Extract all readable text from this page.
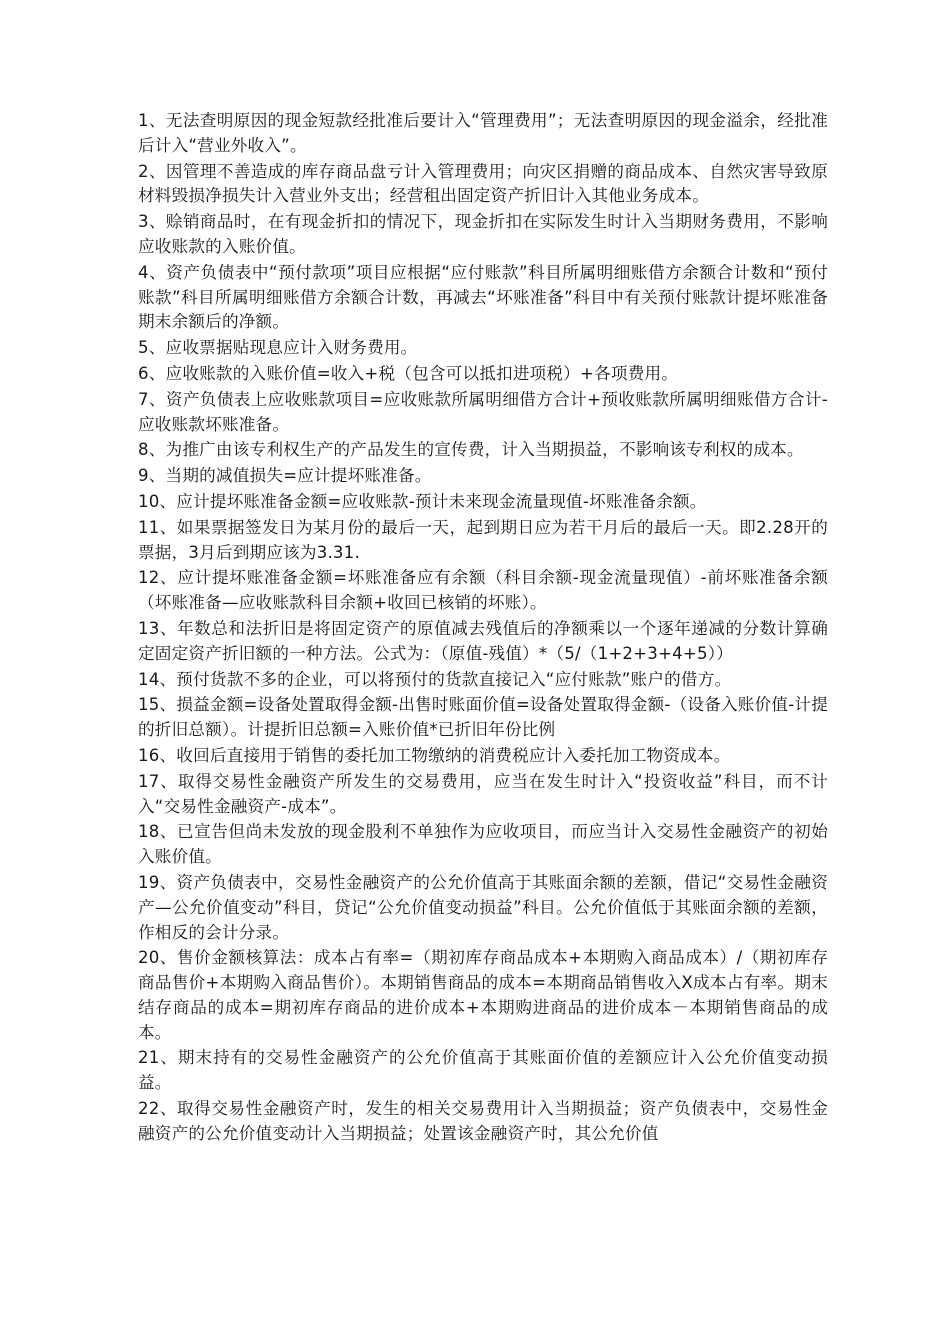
1、无法查明原因的现金短款经批准后要计入“管理费用”；无法查明原因的现金溢余，经批准后计入“营业外收入”。

2、因管理不善造成的库存商品盘亏计入管理费用；向灾区捐赠的商品成本、自然灾害导致原材料毁损净损失计入营业外支出；经营租出固定资产折旧计入其他业务成本。

3、赊销商品时，在有现金折扣的情况下，现金折扣在实际发生时计入当期财务费用，不影响应收账款的入账价值。

4、资产负债表中“预付款项”项目应根据“应付账款”科目所属明细账借方余额合计数和“预付账款”科目所属明细账借方余额合计数，再减去“坏账准备”科目中有关预付账款计提坏账准备期末余额后的净额。

5、应收票据贴现息应计入财务费用。

6、应收账款的入账价值=收入+税（包含可以抵扣进项税）+各项费用。

7、资产负债表上应收账款项目=应收账款所属明细借方合计+预收账款所属明细账借方合计-应收账款坏账准备。

8、为推广由该专利权生产的产品发生的宣传费，计入当期损益，不影响该专利权的成本。

9、当期的减值损失=应计提坏账准备。

10、应计提坏账准备金额=应收账款-预计未来现金流量现值-坏账准备余额。

11、如果票据签发日为某月份的最后一天，起到期日应为若干月后的最后一天。即2.28开的票据，3月后到期应该为3.31.

12、应计提坏账准备金额=坏账准备应有余额（科目余额-现金流量现值）-前坏账准备余额（坏账准备—应收账款科目余额+收回已核销的坏账）。

13、年数总和法折旧是将固定资产的原值减去残值后的净额乘以一个逐年递减的分数计算确定固定资产折旧额的一种方法。公式为：（原值-残值）*（5/（1+2+3+4+5））

14、预付货款不多的企业，可以将预付的货款直接记入“应付账款”账户的借方。

15、损益金额=设备处置取得金额-出售时账面价值=设备处置取得金额-（设备入账价值-计提的折旧总额）。计提折旧总额=入账价值*已折旧年份比例

16、收回后直接用于销售的委托加工物缴纳的消费税应计入委托加工物资成本。

17、取得交易性金融资产所发生的交易费用，应当在发生时计入“投资收益”科目，而不计入“交易性金融资产-成本”。

18、已宣告但尚未发放的现金股利不单独作为应收项目，而应当计入交易性金融资产的初始入账价值。

19、资产负债表中，交易性金融资产的公允价值高于其账面余额的差额，借记“交易性金融资产—公允价值变动”科目，贷记“公允价值变动损益”科目。公允价值低于其账面余额的差额，作相反的会计分录。

20、售价金额核算法：成本占有率=（期初库存商品成本+本期购入商品成本）/（期初库存商品售价+本期购入商品售价）。本期销售商品的成本=本期商品销售收入X成本占有率。期末结存商品的成本=期初库存商品的进价成本+本期购进商品的进价成本－本期销售商品的成本。

21、期末持有的交易性金融资产的公允价值高于其账面价值的差额应计入公允价值变动损益。

22、取得交易性金融资产时，发生的相关交易费用计入当期损益；资产负债表中，交易性金融资产的公允价值变动计入当期损益；处置该金融资产时，其公允价值
